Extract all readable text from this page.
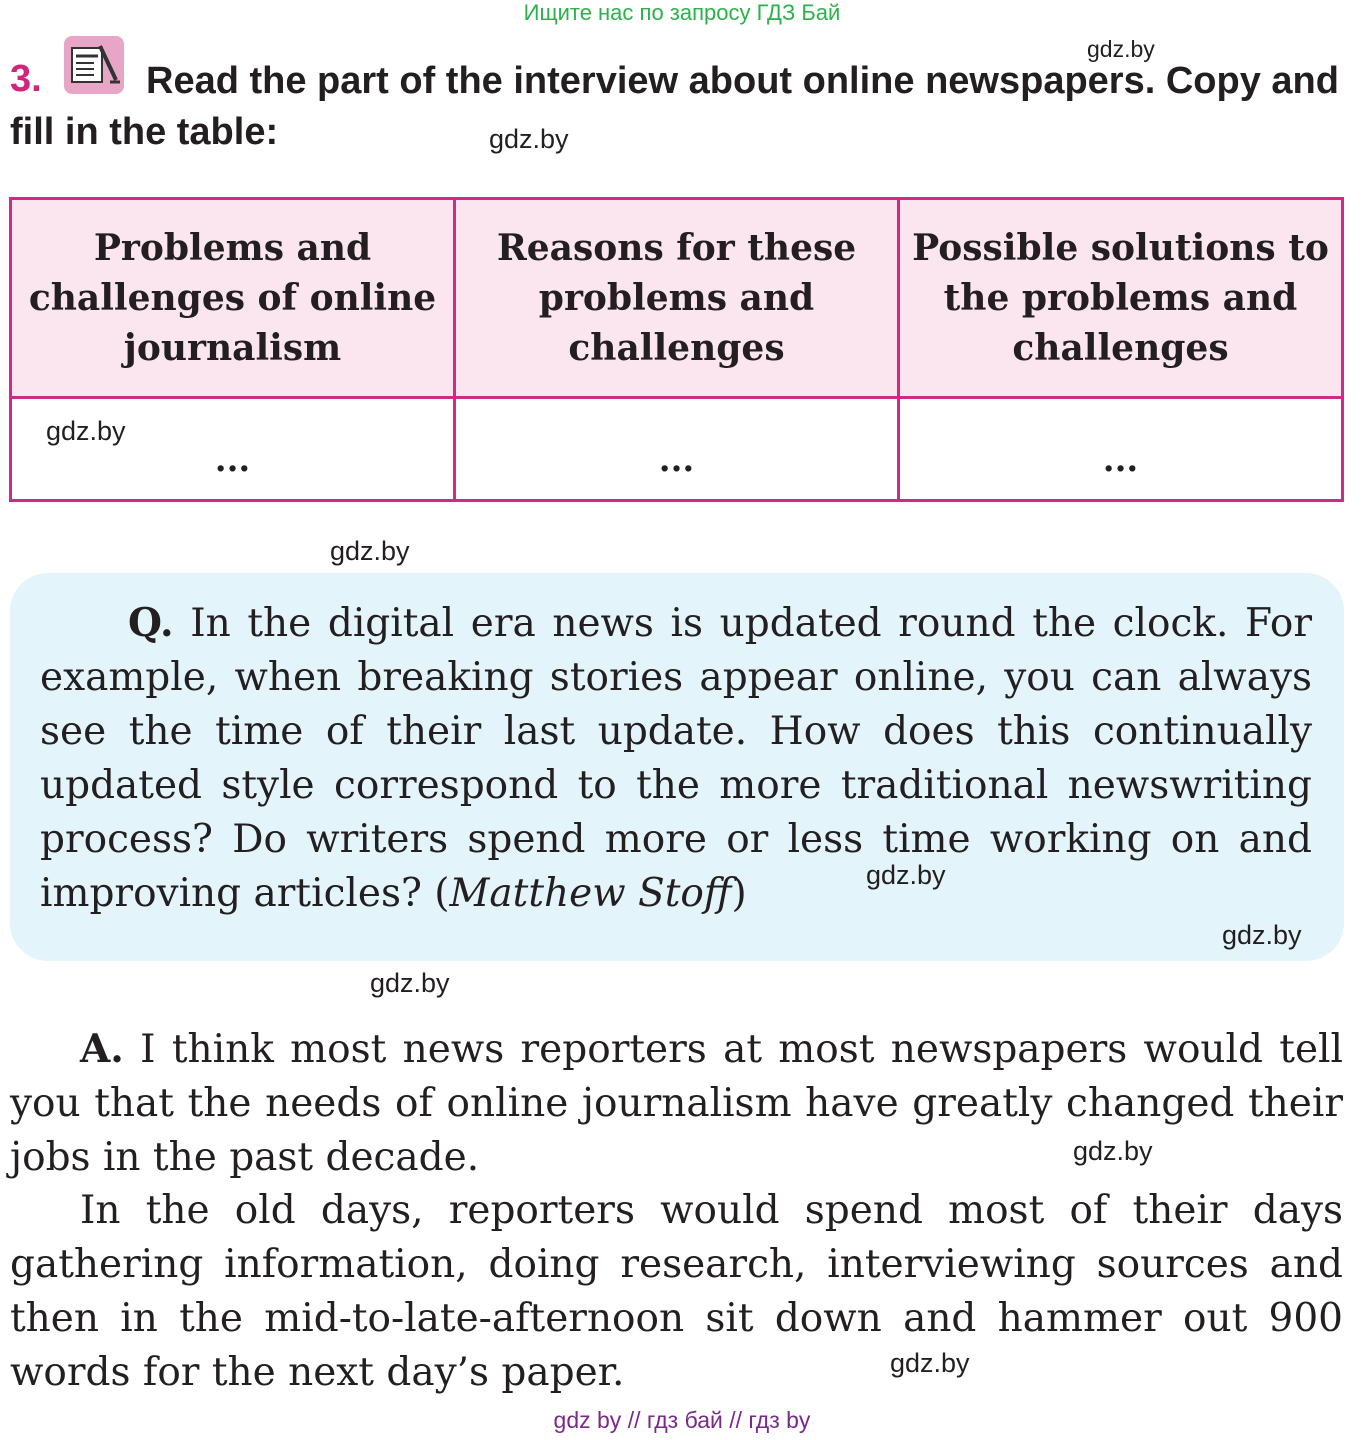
Ищите нас по запросу ГДЗ Бай
gdz.by

Read the part of the interview about online newspapers. Copy and fill in the table:

3.
gdz.by
Problems and challenges of online journalism	Reasons for these problems and challenges	Possible solutions to the problems and challenges
...	...	...
gdz.by
gdz.by

Q. In the digital era news is updated round the clock. For example, when breaking stories appear online, you can always see the time of their last update. How does this continually updated style correspond to the more traditional newswriting process? Do writers spend more or less time working on and improving articles? (Matthew Stoff)	gdz.by
gdz.by
gdz.by

A. I think most news reporters at most newspapers would tell you that the needs of online journalism have greatly changed their jobs in the past decade.

In the old days, reporters would spend most of their days gathering information, doing research, interviewing sources and then in the mid-to-late-afternoon sit down and hammer out 900 words for the next day’s paper.

gdz.by
gdz.by
gdz by // гдз бай // гдз by
